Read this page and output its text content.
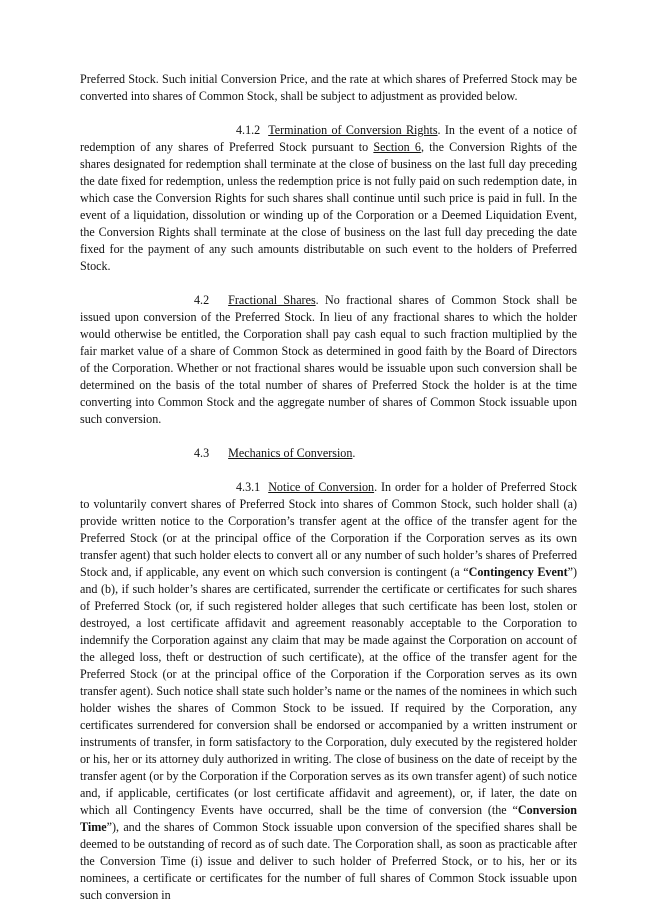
Preferred Stock. Such initial Conversion Price, and the rate at which shares of Preferred Stock may be converted into shares of Common Stock, shall be subject to adjustment as provided below.

4.1.2 Termination of Conversion Rights. In the event of a notice of redemption of any shares of Preferred Stock pursuant to Section 6, the Conversion Rights of the shares designated for redemption shall terminate at the close of business on the last full day preceding the date fixed for redemption, unless the redemption price is not fully paid on such redemption date, in which case the Conversion Rights for such shares shall continue until such price is paid in full. In the event of a liquidation, dissolution or winding up of the Corporation or a Deemed Liquidation Event, the Conversion Rights shall terminate at the close of business on the last full day preceding the date fixed for the payment of any such amounts distributable on such event to the holders of Preferred Stock.

4.2 Fractional Shares. No fractional shares of Common Stock shall be issued upon conversion of the Preferred Stock. In lieu of any fractional shares to which the holder would otherwise be entitled, the Corporation shall pay cash equal to such fraction multiplied by the fair market value of a share of Common Stock as determined in good faith by the Board of Directors of the Corporation. Whether or not fractional shares would be issuable upon such conversion shall be determined on the basis of the total number of shares of Preferred Stock the holder is at the time converting into Common Stock and the aggregate number of shares of Common Stock issuable upon such conversion.

4.3 Mechanics of Conversion.

4.3.1 Notice of Conversion. In order for a holder of Preferred Stock to voluntarily convert shares of Preferred Stock into shares of Common Stock, such holder shall (a) provide written notice to the Corporation’s transfer agent at the office of the transfer agent for the Preferred Stock (or at the principal office of the Corporation if the Corporation serves as its own transfer agent) that such holder elects to convert all or any number of such holder’s shares of Preferred Stock and, if applicable, any event on which such conversion is contingent (a “Contingency Event”) and (b), if such holder’s shares are certificated, surrender the certificate or certificates for such shares of Preferred Stock (or, if such registered holder alleges that such certificate has been lost, stolen or destroyed, a lost certificate affidavit and agreement reasonably acceptable to the Corporation to indemnify the Corporation against any claim that may be made against the Corporation on account of the alleged loss, theft or destruction of such certificate), at the office of the transfer agent for the Preferred Stock (or at the principal office of the Corporation if the Corporation serves as its own transfer agent). Such notice shall state such holder’s name or the names of the nominees in which such holder wishes the shares of Common Stock to be issued. If required by the Corporation, any certificates surrendered for conversion shall be endorsed or accompanied by a written instrument or instruments of transfer, in form satisfactory to the Corporation, duly executed by the registered holder or his, her or its attorney duly authorized in writing. The close of business on the date of receipt by the transfer agent (or by the Corporation if the Corporation serves as its own transfer agent) of such notice and, if applicable, certificates (or lost certificate affidavit and agreement), or, if later, the date on which all Contingency Events have occurred, shall be the time of conversion (the “Conversion Time”), and the shares of Common Stock issuable upon conversion of the specified shares shall be deemed to be outstanding of record as of such date. The Corporation shall, as soon as practicable after the Conversion Time (i) issue and deliver to such holder of Preferred Stock, or to his, her or its nominees, a certificate or certificates for the number of full shares of Common Stock issuable upon such conversion in
